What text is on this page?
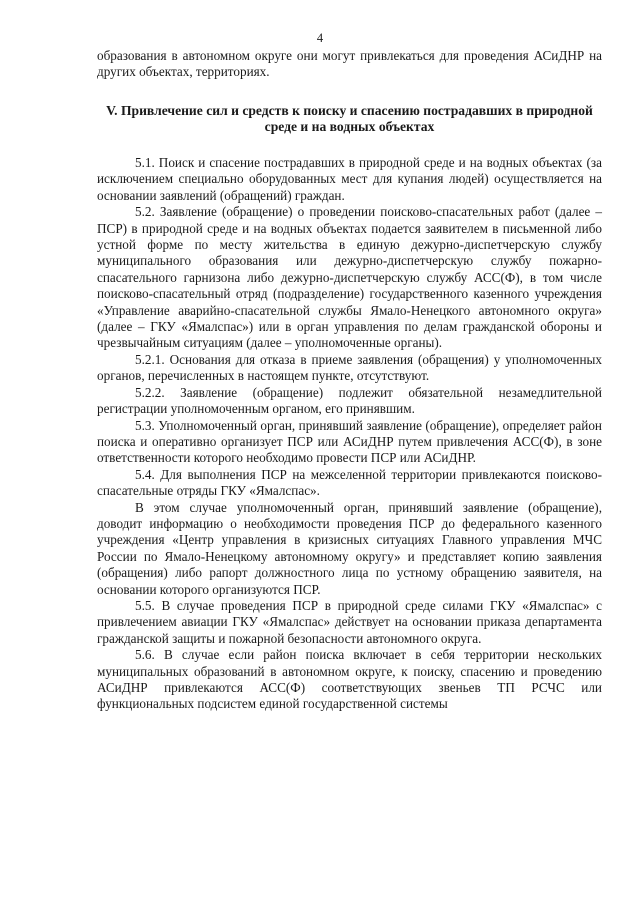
4

образования в автономном округе они могут привлекаться для проведения АСиДНР на других объектах, территориях.

V. Привлечение сил и средств к поиску и спасению пострадавших в природной среде и на водных объектах

5.1. Поиск и спасение пострадавших в природной среде и на водных объектах (за исключением специально оборудованных мест для купания людей) осуществляется на основании заявлений (обращений) граждан.

5.2. Заявление (обращение) о проведении поисково-спасательных работ (далее – ПСР) в природной среде и на водных объектах подается заявителем в письменной либо устной форме по месту жительства в единую дежурно-диспетчерскую службу муниципального образования или дежурно-диспетчерскую службу пожарно-спасательного гарнизона либо дежурно-диспетчерскую службу АСС(Ф), в том числе поисково-спасательный отряд (подразделение) государственного казенного учреждения «Управление аварийно-спасательной службы Ямало-Ненецкого автономного округа» (далее – ГКУ «Ямалспас») или в орган управления по делам гражданской обороны и чрезвычайным ситуациям (далее – уполномоченные органы).

5.2.1. Основания для отказа в приеме заявления (обращения) у уполномоченных органов, перечисленных в настоящем пункте, отсутствуют.

5.2.2. Заявление (обращение) подлежит обязательной незамедлительной регистрации уполномоченным органом, его принявшим.

5.3. Уполномоченный орган, принявший заявление (обращение), определяет район поиска и оперативно организует ПСР или АСиДНР путем привлечения АСС(Ф), в зоне ответственности которого необходимо провести ПСР или АСиДНР.

5.4. Для выполнения ПСР на межселенной территории привлекаются поисково-спасательные отряды ГКУ «Ямалспас».

В этом случае уполномоченный орган, принявший заявление (обращение), доводит информацию о необходимости проведения ПСР до федерального казенного учреждения «Центр управления в кризисных ситуациях Главного управления МЧС России по Ямало-Ненецкому автономному округу» и представляет копию заявления (обращения) либо рапорт должностного лица по устному обращению заявителя, на основании которого организуются ПСР.

5.5. В случае проведения ПСР в природной среде силами ГКУ «Ямалспас» с привлечением авиации ГКУ «Ямалспас» действует на основании приказа департамента гражданской защиты и пожарной безопасности автономного округа.

5.6. В случае если район поиска включает в себя территории нескольких муниципальных образований в автономном округе, к поиску, спасению и проведению АСиДНР привлекаются АСС(Ф) соответствующих звеньев ТП РСЧС или функциональных подсистем единой государственной системы
